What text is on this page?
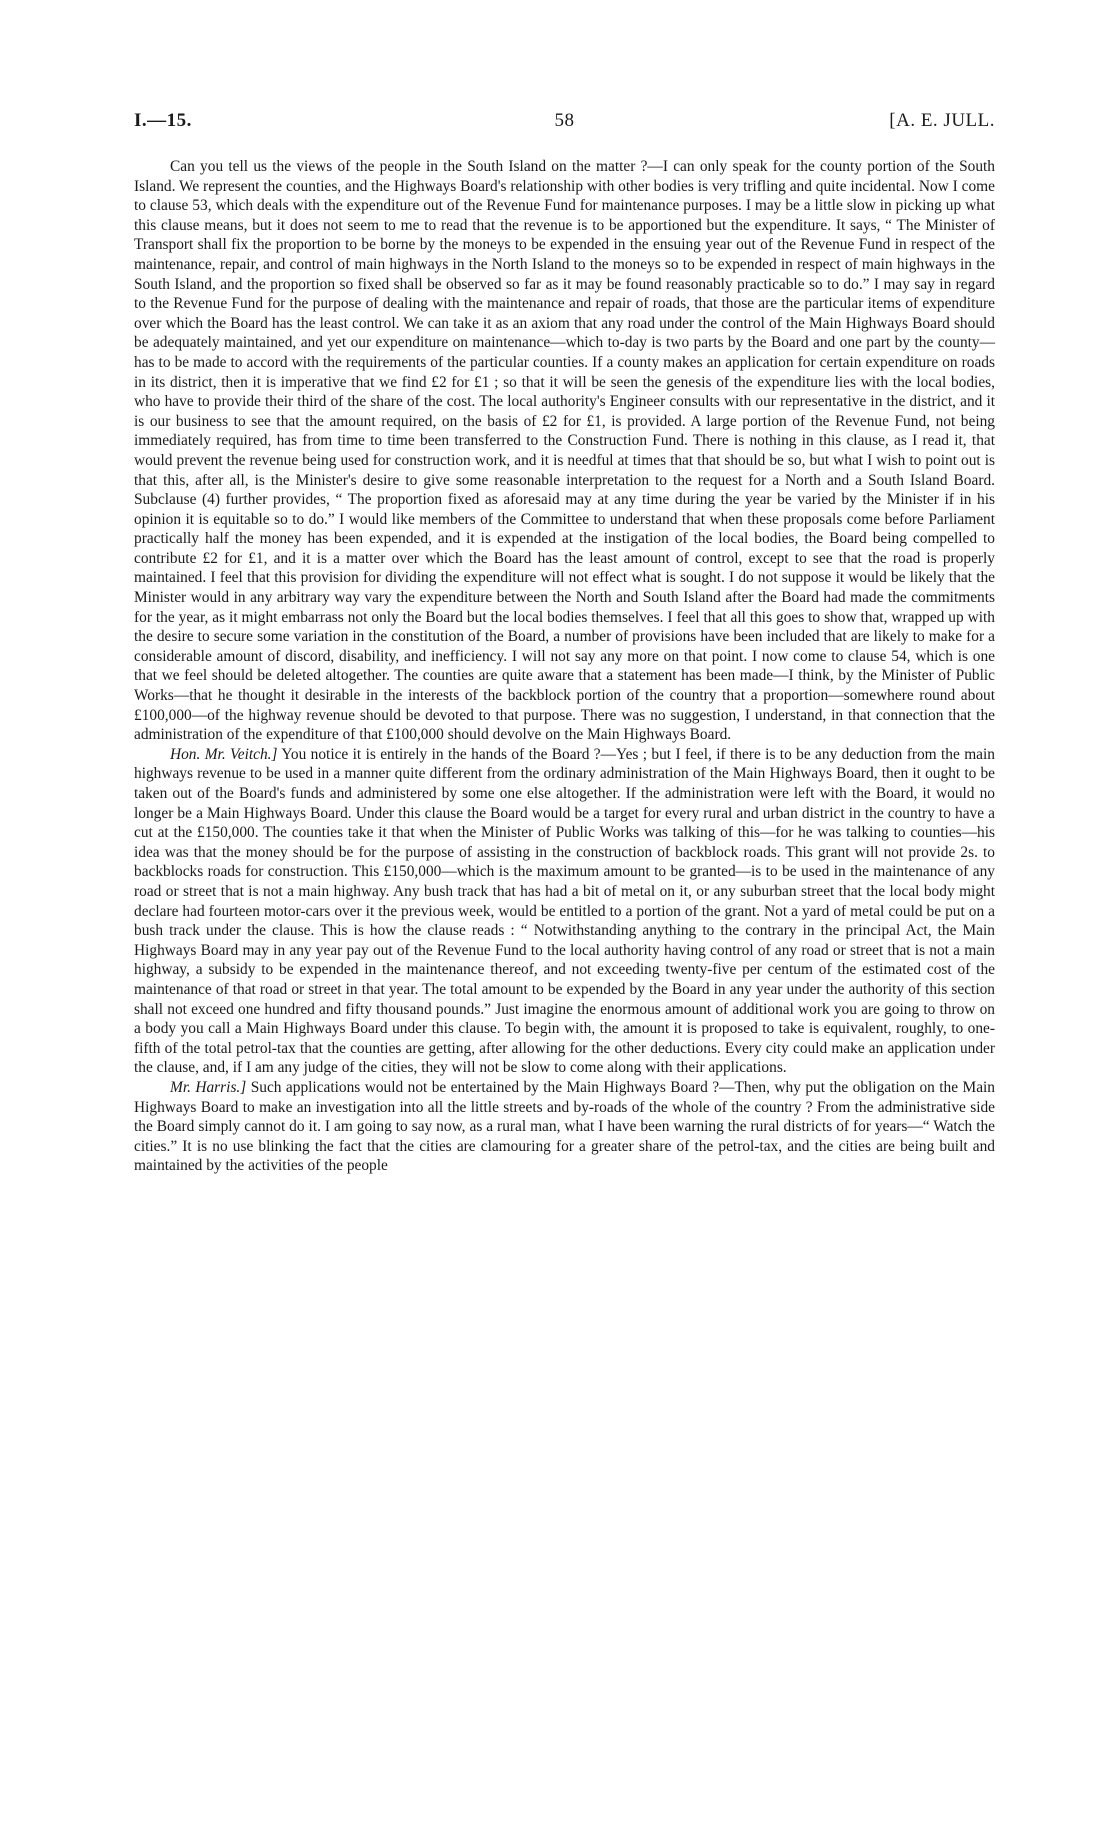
I.—15.	58	[A. E. JULL.

Can you tell us the views of the people in the South Island on the matter ?—I can only speak for the county portion of the South Island. We represent the counties, and the Highways Board's relationship with other bodies is very trifling and quite incidental. Now I come to clause 53, which deals with the expenditure out of the Revenue Fund for maintenance purposes. I may be a little slow in picking up what this clause means, but it does not seem to me to read that the revenue is to be apportioned but the expenditure. It says, “ The Minister of Transport shall fix the proportion to be borne by the moneys to be expended in the ensuing year out of the Revenue Fund in respect of the maintenance, repair, and control of main highways in the North Island to the moneys so to be expended in respect of main highways in the South Island, and the proportion so fixed shall be observed so far as it may be found reasonably practicable so to do.” I may say in regard to the Revenue Fund for the purpose of dealing with the maintenance and repair of roads, that those are the particular items of expenditure over which the Board has the least control. We can take it as an axiom that any road under the control of the Main Highways Board should be adequately maintained, and yet our expenditure on maintenance—which to-day is two parts by the Board and one part by the county—has to be made to accord with the requirements of the particular counties. If a county makes an application for certain expenditure on roads in its district, then it is imperative that we find £2 for £1 ; so that it will be seen the genesis of the expenditure lies with the local bodies, who have to provide their third of the share of the cost. The local authority's Engineer consults with our representative in the district, and it is our business to see that the amount required, on the basis of £2 for £1, is provided. A large portion of the Revenue Fund, not being immediately required, has from time to time been transferred to the Construction Fund. There is nothing in this clause, as I read it, that would prevent the revenue being used for construction work, and it is needful at times that that should be so, but what I wish to point out is that this, after all, is the Minister's desire to give some reasonable interpretation to the request for a North and a South Island Board. Subclause (4) further provides, “ The proportion fixed as aforesaid may at any time during the year be varied by the Minister if in his opinion it is equitable so to do.” I would like members of the Committee to understand that when these proposals come before Parliament practically half the money has been expended, and it is expended at the instigation of the local bodies, the Board being compelled to contribute £2 for £1, and it is a matter over which the Board has the least amount of control, except to see that the road is properly maintained. I feel that this provision for dividing the expenditure will not effect what is sought. I do not suppose it would be likely that the Minister would in any arbitrary way vary the expenditure between the North and South Island after the Board had made the commitments for the year, as it might embarrass not only the Board but the local bodies themselves. I feel that all this goes to show that, wrapped up with the desire to secure some variation in the constitution of the Board, a number of provisions have been included that are likely to make for a considerable amount of discord, disability, and inefficiency. I will not say any more on that point. I now come to clause 54, which is one that we feel should be deleted altogether. The counties are quite aware that a statement has been made—I think, by the Minister of Public Works—that he thought it desirable in the interests of the backblock portion of the country that a proportion—somewhere round about £100,000—of the highway revenue should be devoted to that purpose. There was no suggestion, I understand, in that connection that the administration of the expenditure of that £100,000 should devolve on the Main Highways Board.

Hon. Mr. Veitch.] You notice it is entirely in the hands of the Board ?—Yes ; but I feel, if there is to be any deduction from the main highways revenue to be used in a manner quite different from the ordinary administration of the Main Highways Board, then it ought to be taken out of the Board's funds and administered by some one else altogether. If the administration were left with the Board, it would no longer be a Main Highways Board. Under this clause the Board would be a target for every rural and urban district in the country to have a cut at the £150,000. The counties take it that when the Minister of Public Works was talking of this—for he was talking to counties—his idea was that the money should be for the purpose of assisting in the construction of backblock roads. This grant will not provide 2s. to backblocks roads for construction. This £150,000—which is the maximum amount to be granted—is to be used in the maintenance of any road or street that is not a main highway. Any bush track that has had a bit of metal on it, or any suburban street that the local body might declare had fourteen motor-cars over it the previous week, would be entitled to a portion of the grant. Not a yard of metal could be put on a bush track under the clause. This is how the clause reads : “ Notwithstanding anything to the contrary in the principal Act, the Main Highways Board may in any year pay out of the Revenue Fund to the local authority having control of any road or street that is not a main highway, a subsidy to be expended in the maintenance thereof, and not exceeding twenty-five per centum of the estimated cost of the maintenance of that road or street in that year. The total amount to be expended by the Board in any year under the authority of this section shall not exceed one hundred and fifty thousand pounds.” Just imagine the enormous amount of additional work you are going to throw on a body you call a Main Highways Board under this clause. To begin with, the amount it is proposed to take is equivalent, roughly, to one-fifth of the total petrol-tax that the counties are getting, after allowing for the other deductions. Every city could make an application under the clause, and, if I am any judge of the cities, they will not be slow to come along with their applications.

Mr. Harris.] Such applications would not be entertained by the Main Highways Board ?—Then, why put the obligation on the Main Highways Board to make an investigation into all the little streets and by-roads of the whole of the country ? From the administrative side the Board simply cannot do it. I am going to say now, as a rural man, what I have been warning the rural districts of for years—“ Watch the cities.” It is no use blinking the fact that the cities are clamouring for a greater share of the petrol-tax, and the cities are being built and maintained by the activities of the people
